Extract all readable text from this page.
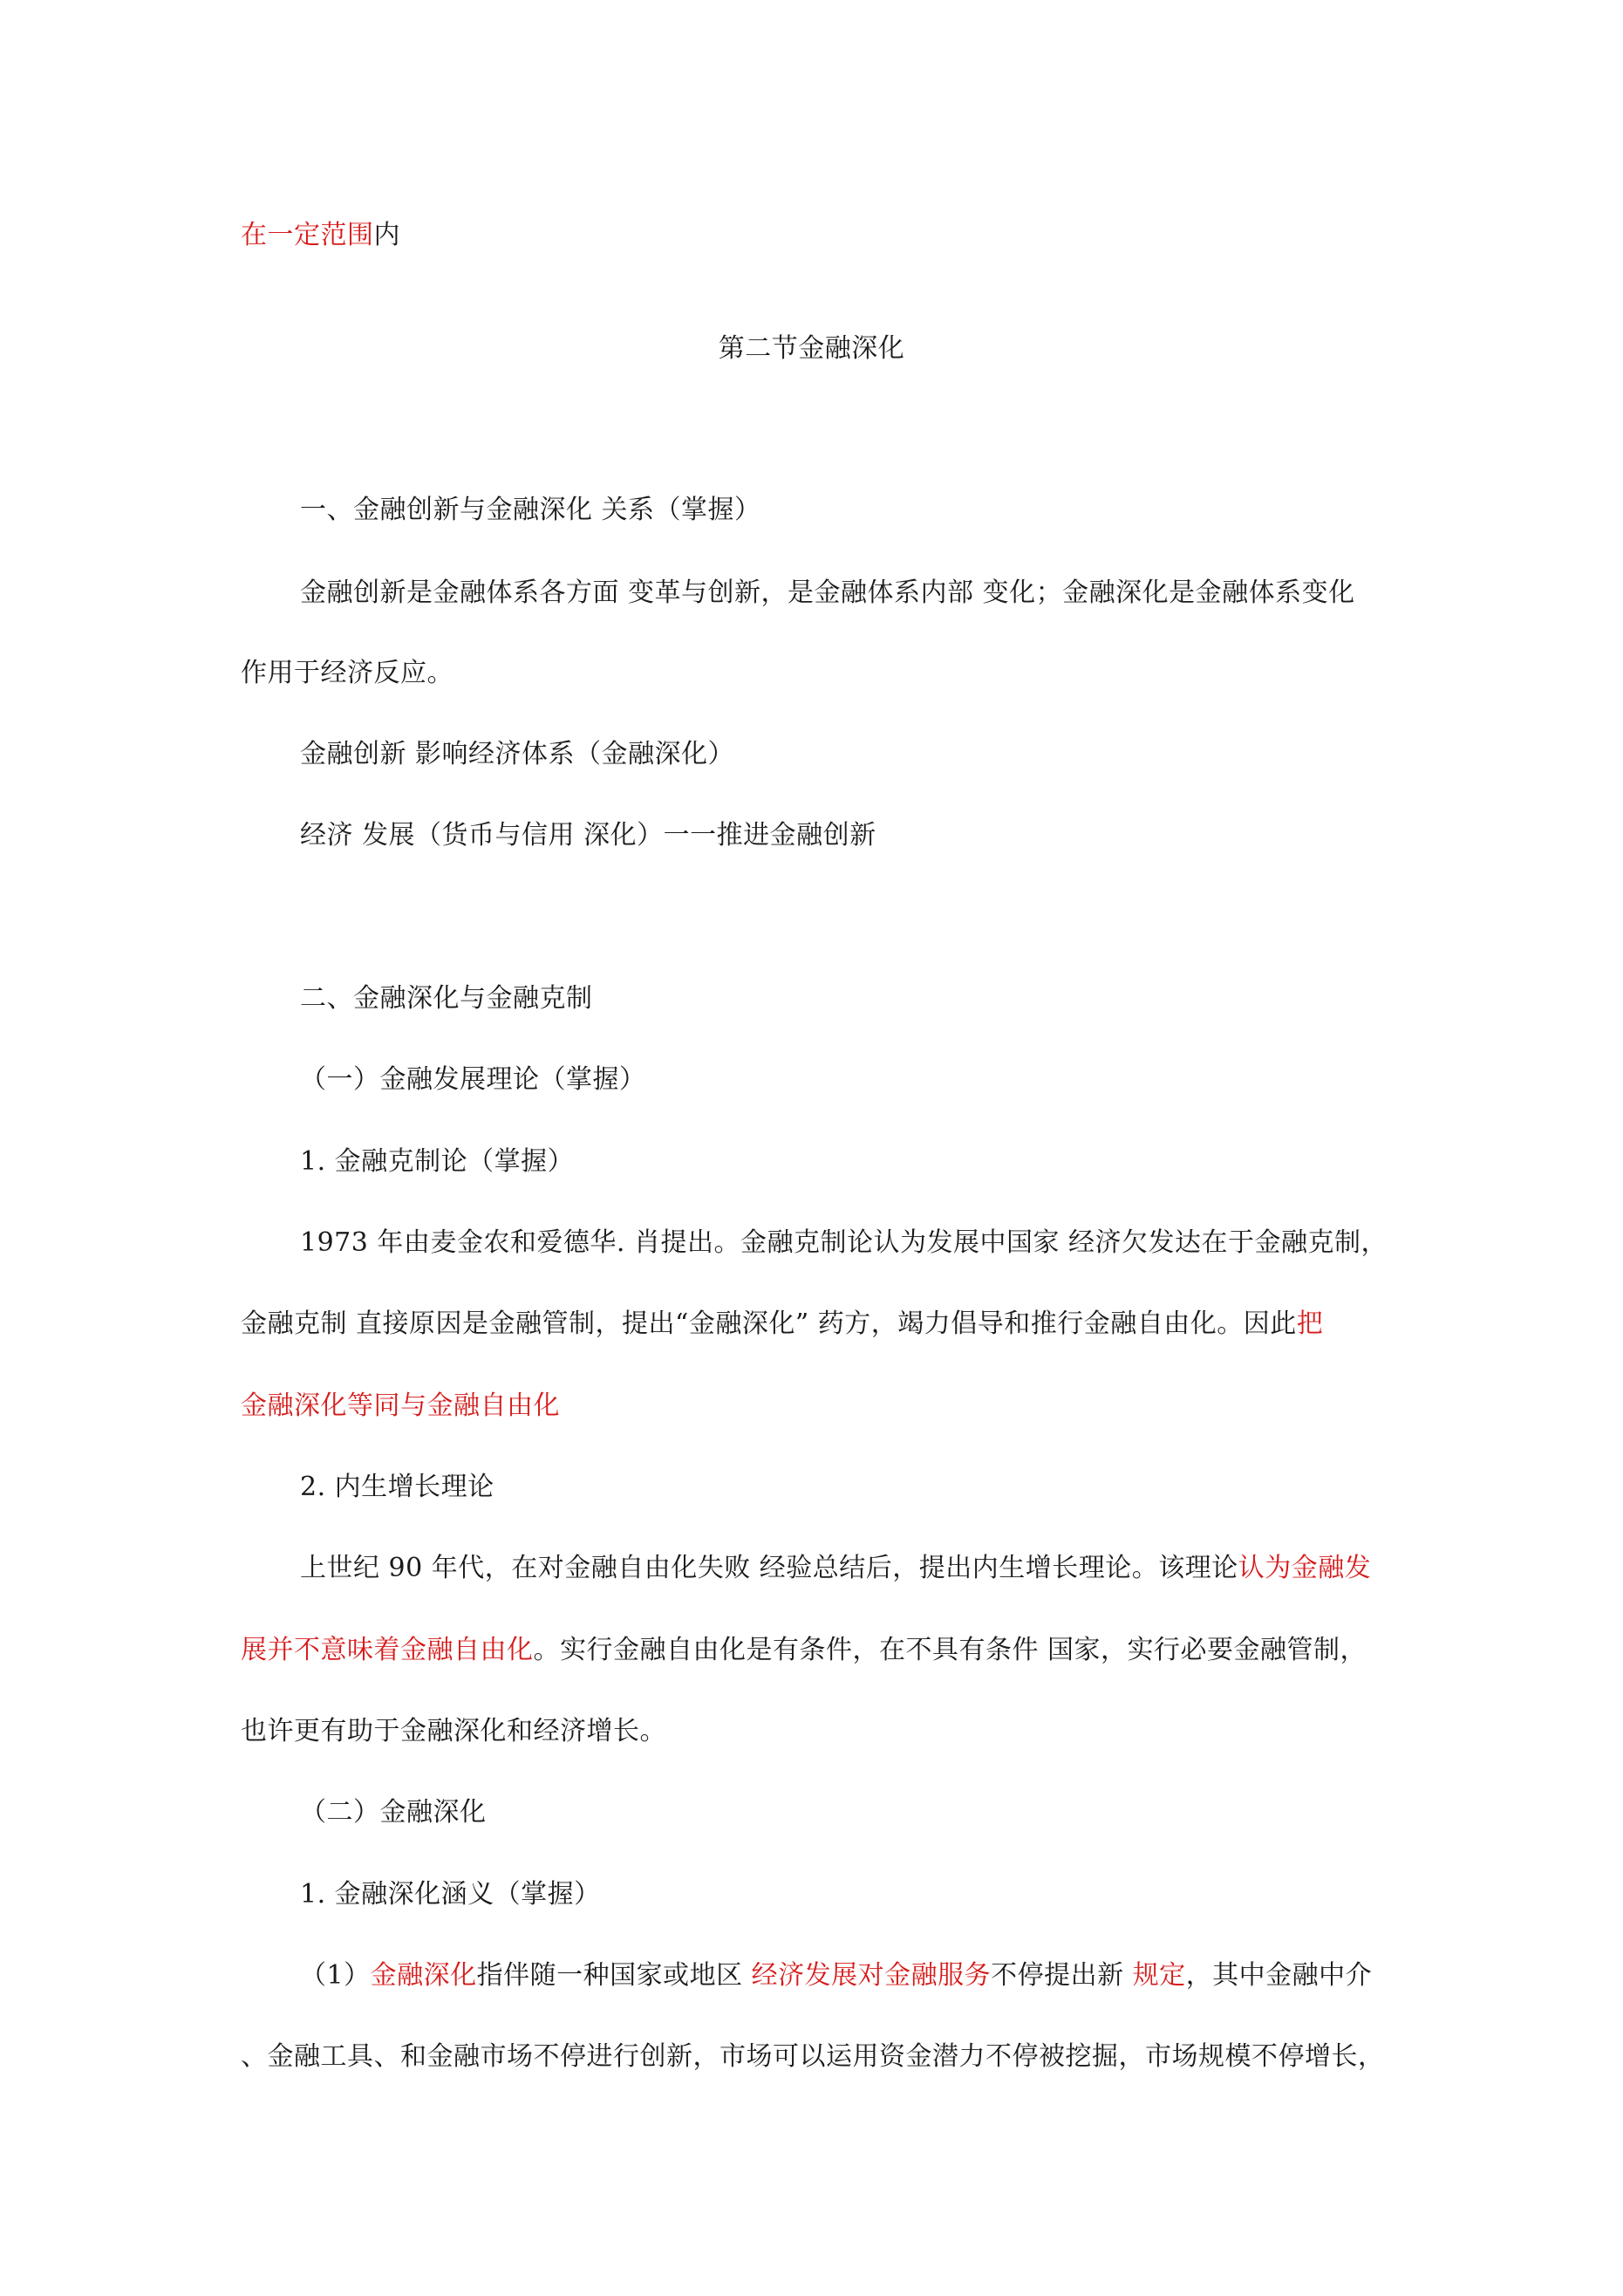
在一定范围内
第二节金融深化
一、金融创新与金融深化 关系（掌握）
金融创新是金融体系各方面 变革与创新，是金融体系内部 变化；金融深化是金融体系变化
作用于经济反应。
金融创新 影响经济体系（金融深化）
经济 发展（货币与信用 深化）一一推进金融创新
二、金融深化与金融克制
（一）金融发展理论（掌握）
1. 金融克制论（掌握）
1973 年由麦金农和爱德华. 肖提出。金融克制论认为发展中国家 经济欠发达在于金融克制，
金融克制 直接原因是金融管制，提出“金融深化” 药方，竭力倡导和推行金融自由化。因此把
金融深化等同与金融自由化
2. 内生增长理论
上世纪 90 年代，在对金融自由化失败 经验总结后，提出内生增长理论。该理论认为金融发
展并不意味着金融自由化。实行金融自由化是有条件，在不具有条件 国家，实行必要金融管制，
也许更有助于金融深化和经济增长。
（二）金融深化
1. 金融深化涵义（掌握）
（1）金融深化指伴随一种国家或地区 经济发展对金融服务不停提出新 规定，其中金融中介
、金融工具、和金融市场不停进行创新，市场可以运用资金潜力不停被挖掘，市场规模不停增长，
